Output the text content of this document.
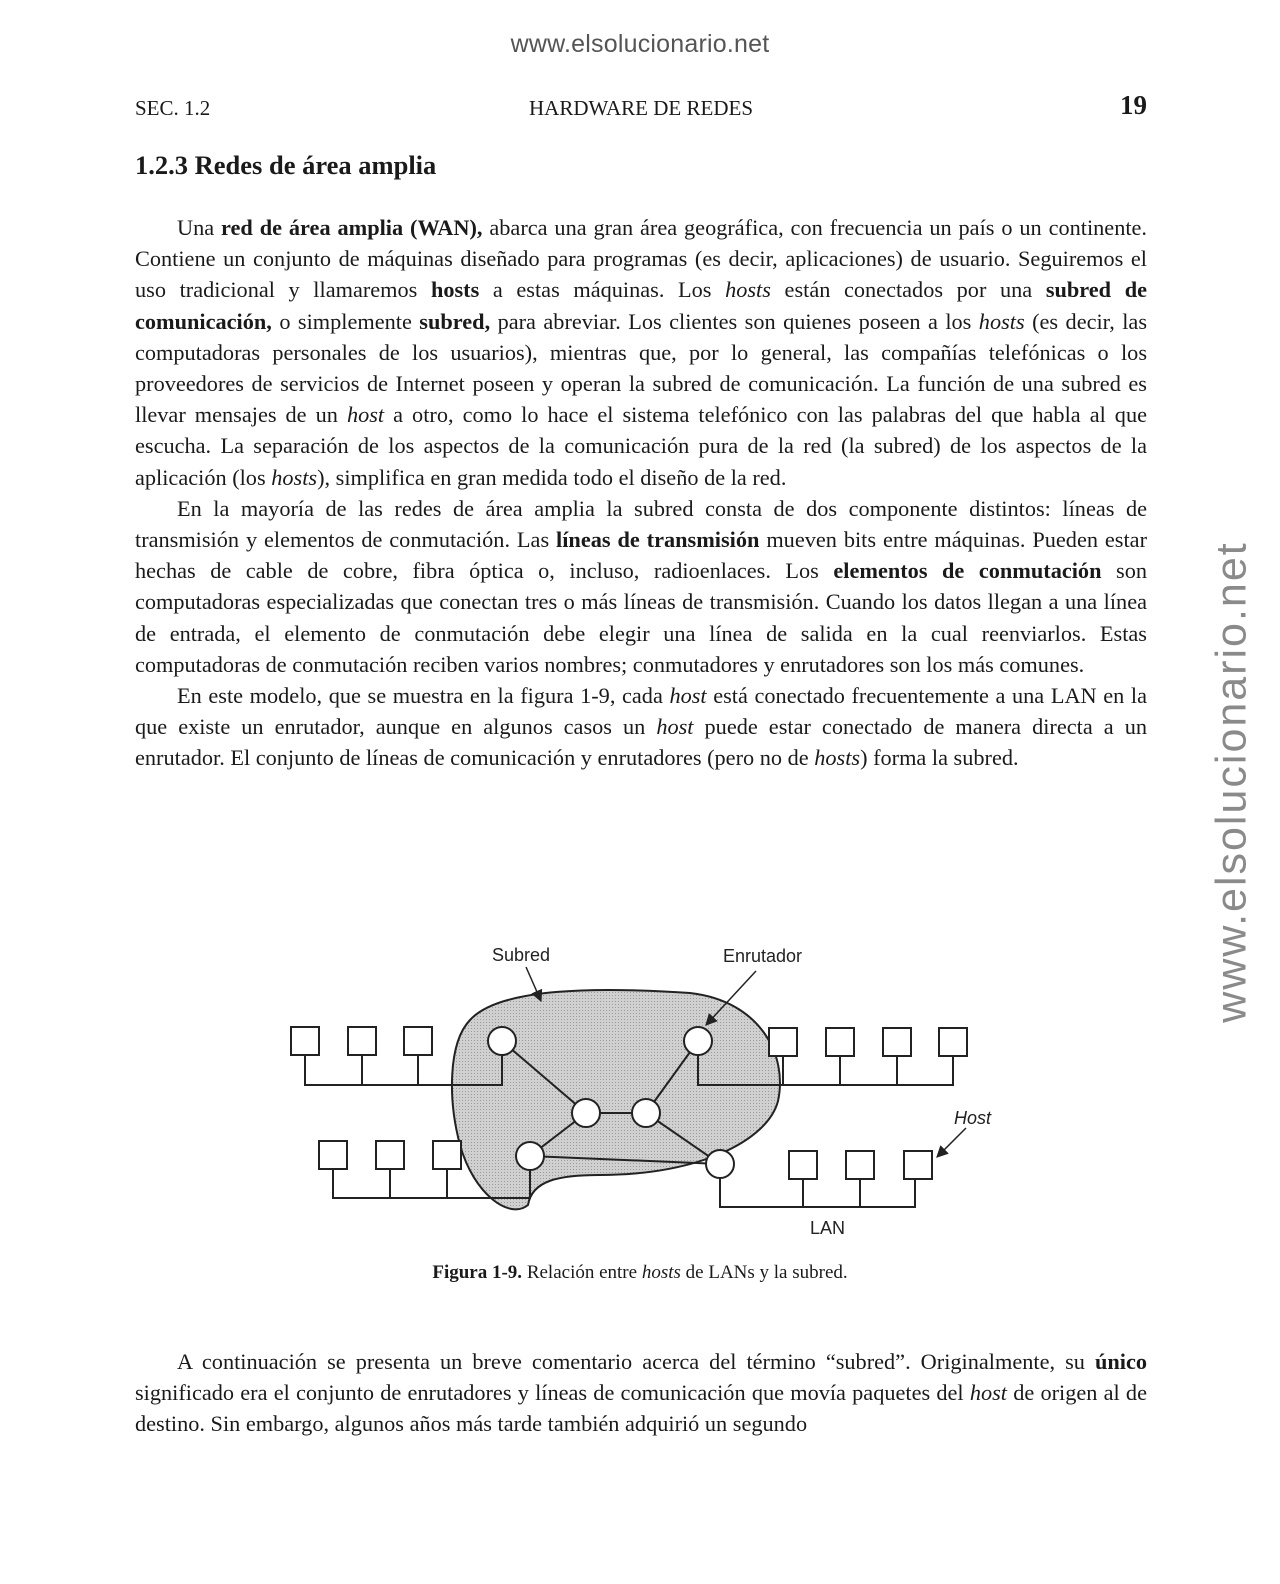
www.elsolucionario.net
www.elsolucionario.net
SEC. 1.2	HARDWARE DE REDES	19
1.2.3 Redes de área amplia

Una red de área amplia (WAN), abarca una gran área geográfica, con frecuencia un país o un continente. Contiene un conjunto de máquinas diseñado para programas (es decir, aplicaciones) de usuario. Seguiremos el uso tradicional y llamaremos hosts a estas máquinas. Los hosts están conectados por una subred de comunicación, o simplemente subred, para abreviar. Los clientes son quienes poseen a los hosts (es decir, las computadoras personales de los usuarios), mientras que, por lo general, las compañías telefónicas o los proveedores de servicios de Internet poseen y operan la subred de comunicación. La función de una subred es llevar mensajes de un host a otro, como lo hace el sistema telefónico con las palabras del que habla al que escucha. La separación de los aspectos de la comunicación pura de la red (la subred) de los aspectos de la aplicación (los hosts), simplifica en gran medida todo el diseño de la red.

En la mayoría de las redes de área amplia la subred consta de dos componente distintos: líneas de transmisión y elementos de conmutación. Las líneas de transmisión mueven bits entre máquinas. Pueden estar hechas de cable de cobre, fibra óptica o, incluso, radioenlaces. Los elementos de conmutación son computadoras especializadas que conectan tres o más líneas de transmisión. Cuando los datos llegan a una línea de entrada, el elemento de conmutación debe elegir una línea de salida en la cual reenviarlos. Estas computadoras de conmutación reciben varios nombres; conmutadores y enrutadores son los más comunes.

En este modelo, que se muestra en la figura 1-9, cada host está conectado frecuentemente a una LAN en la que existe un enrutador, aunque en algunos casos un host puede estar conectado de manera directa a un enrutador. El conjunto de líneas de comunicación y enrutadores (pero no de hosts) forma la subred.

Subred	Enrutador
Host
LAN
Figura 1-9. Relación entre hosts de LANs y la subred.

A continuación se presenta un breve comentario acerca del término “subred”. Originalmente, su único significado era el conjunto de enrutadores y líneas de comunicación que movía paquetes del host de origen al de destino. Sin embargo, algunos años más tarde también adquirió un segundo
